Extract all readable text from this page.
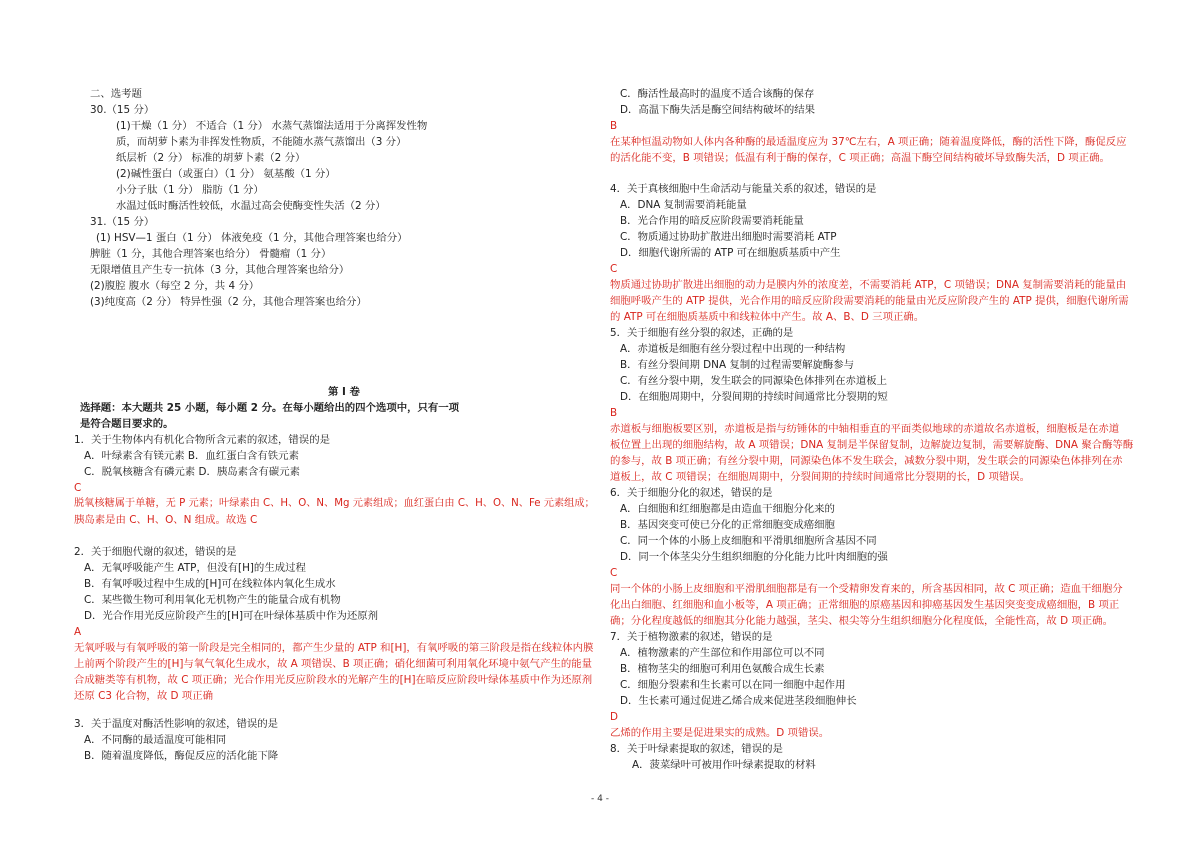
二、选考题
30.（15 分）
(1)干燥（1 分） 不适合（1 分） 水蒸气蒸馏法适用于分离挥发性物
质，而胡萝卜素为非挥发性物质，不能随水蒸气蒸馏出（3 分）
纸层析（2 分） 标准的胡萝卜素（2 分）
(2)碱性蛋白（或蛋白）（1 分） 氨基酸（1 分）
小分子肽（1 分） 脂肪（1 分）
水温过低时酶活性较低，水温过高会使酶变性失活（2 分）
31.（15 分）
(1) HSV—1 蛋白（1 分） 体液免疫（1 分，其他合理答案也给分）
脾脏（1 分，其他合理答案也给分） 骨髓瘤（1 分）
无限增值且产生专一抗体（3 分，其他合理答案也给分）
(2)腹腔 腹水（每空 2 分，共 4 分）
(3)纯度高（2 分） 特异性强（2 分，其他合理答案也给分）
第 I 卷
选择题：本大题共 25 小题，每小题 2 分。在每小题给出的四个选项中，只有一项
是符合题目要求的。
1．关于生物体内有机化合物所含元素的叙述，错误的是
A．叶绿素含有镁元素 B．血红蛋白含有铁元素
C．脱氧核糖含有磷元素 D．胰岛素含有碳元素
C
脱氧核糖属于单糖，无 P 元素；叶绿素由 C、H、O、N、Mg 元素组成；血红蛋白由 C、H、O、N、Fe 元素组成；
胰岛素是由 C、H、O、N 组成。故选 C
2．关于细胞代谢的叙述，错误的是
A．无氧呼吸能产生 ATP，但没有[H]的生成过程
B．有氧呼吸过程中生成的[H]可在线粒体内氧化生成水
C．某些微生物可利用氧化无机物产生的能量合成有机物
D．光合作用光反应阶段产生的[H]可在叶绿体基质中作为还原剂
A
无氧呼吸与有氧呼吸的第一阶段是完全相同的，都产生少量的 ATP 和[H]，有氧呼吸的第三阶段是指在线粒体内膜
上前两个阶段产生的[H]与氧气氧化生成水，故 A 项错误、B 项正确；硝化细菌可利用氧化环境中氨气产生的能量
合成糖类等有机物，故 C 项正确；光合作用光反应阶段水的光解产生的[H]在暗反应阶段叶绿体基质中作为还原剂
还原 C3 化合物，故 D 项正确
3．关于温度对酶活性影响的叙述，错误的是
A．不同酶的最适温度可能相同
B．随着温度降低，酶促反应的活化能下降
C．酶活性最高时的温度不适合该酶的保存
D．高温下酶失活是酶空间结构破坏的结果
B
在某种恒温动物如人体内各种酶的最适温度应为 37℃左右，A 项正确；随着温度降低，酶的活性下降，酶促反应
的活化能不变，B 项错误；低温有利于酶的保存，C 项正确；高温下酶空间结构破坏导致酶失活，D 项正确。
4．关于真核细胞中生命活动与能量关系的叙述，错误的是
A．DNA 复制需要消耗能量
B．光合作用的暗反应阶段需要消耗能量
C．物质通过协助扩散进出细胞时需要消耗 ATP
D．细胞代谢所需的 ATP 可在细胞质基质中产生
C
物质通过协助扩散进出细胞的动力是膜内外的浓度差，不需要消耗 ATP，C 项错误；DNA 复制需要消耗的能量由
细胞呼吸产生的 ATP 提供，光合作用的暗反应阶段需要消耗的能量由光反应阶段产生的 ATP 提供，细胞代谢所需
的 ATP 可在细胞质基质中和线粒体中产生。故 A、B、D 三项正确。
5．关于细胞有丝分裂的叙述，正确的是
A．赤道板是细胞有丝分裂过程中出现的一种结构
B．有丝分裂间期 DNA 复制的过程需要解旋酶参与
C．有丝分裂中期，发生联会的同源染色体排列在赤道板上
D．在细胞周期中，分裂间期的持续时间通常比分裂期的短
B
赤道板与细胞板要区别，赤道板是指与纺锤体的中轴相垂直的平面类似地球的赤道故名赤道板，细胞板是在赤道
板位置上出现的细胞结构，故 A 项错误；DNA 复制是半保留复制，边解旋边复制，需要解旋酶、DNA 聚合酶等酶
的参与，故 B 项正确；有丝分裂中期，同源染色体不发生联会，减数分裂中期，发生联会的同源染色体排列在赤
道板上，故 C 项错误；在细胞周期中，分裂间期的持续时间通常比分裂期的长，D 项错误。
6．关于细胞分化的叙述，错误的是
A．白细胞和红细胞都是由造血干细胞分化来的
B．基因突变可使已分化的正常细胞变成癌细胞
C．同一个体的小肠上皮细胞和平滑肌细胞所含基因不同
D．同一个体茎尖分生组织细胞的分化能力比叶肉细胞的强
C
同一个体的小肠上皮细胞和平滑肌细胞都是有一个受精卵发育来的，所含基因相同，故 C 项正确；造血干细胞分
化出白细胞、红细胞和血小板等，A 项正确；正常细胞的原癌基因和抑癌基因发生基因突变变成癌细胞，B 项正
确；分化程度越低的细胞其分化能力越强，茎尖、根尖等分生组织细胞分化程度低，全能性高，故 D 项正确。
7．关于植物激素的叙述，错误的是
A．植物激素的产生部位和作用部位可以不同
B．植物茎尖的细胞可利用色氨酸合成生长素
C．细胞分裂素和生长素可以在同一细胞中起作用
D．生长素可通过促进乙烯合成来促进茎段细胞伸长
D
乙烯的作用主要是促进果实的成熟。D 项错误。
8．关于叶绿素提取的叙述，错误的是
A．菠菜绿叶可被用作叶绿素提取的材料
- 4 -
